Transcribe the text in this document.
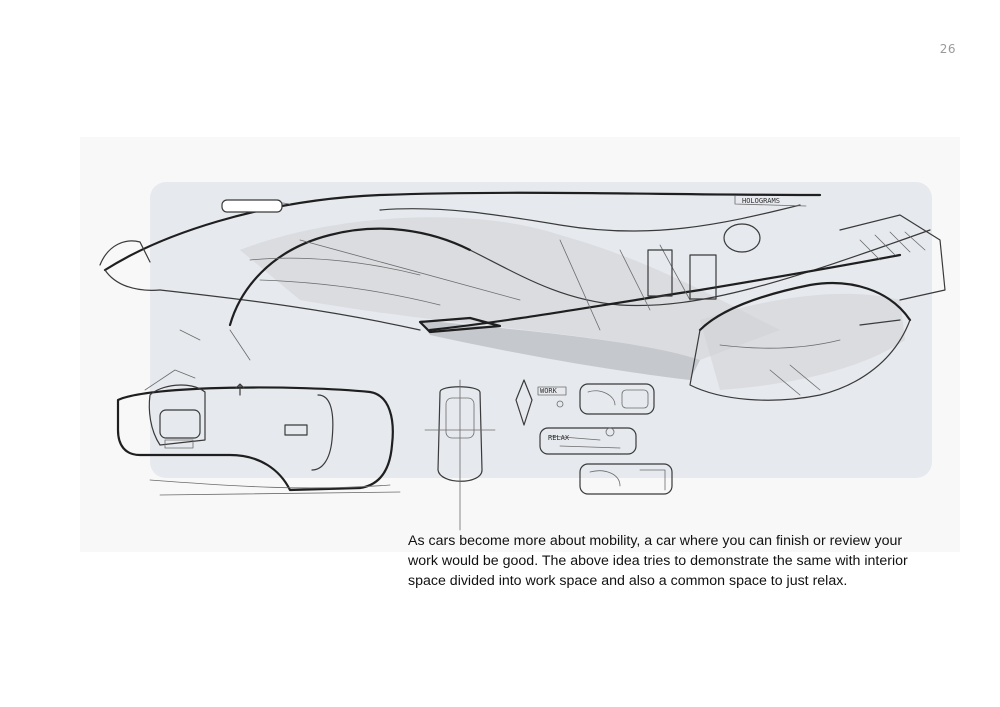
26
HOLOGRAMS
WORK
RELAX

As cars become more about mobility, a car where you can finish or review your work would be good. The above idea tries to demonstrate the same with interior space divided into work space and also a common space to just relax.
